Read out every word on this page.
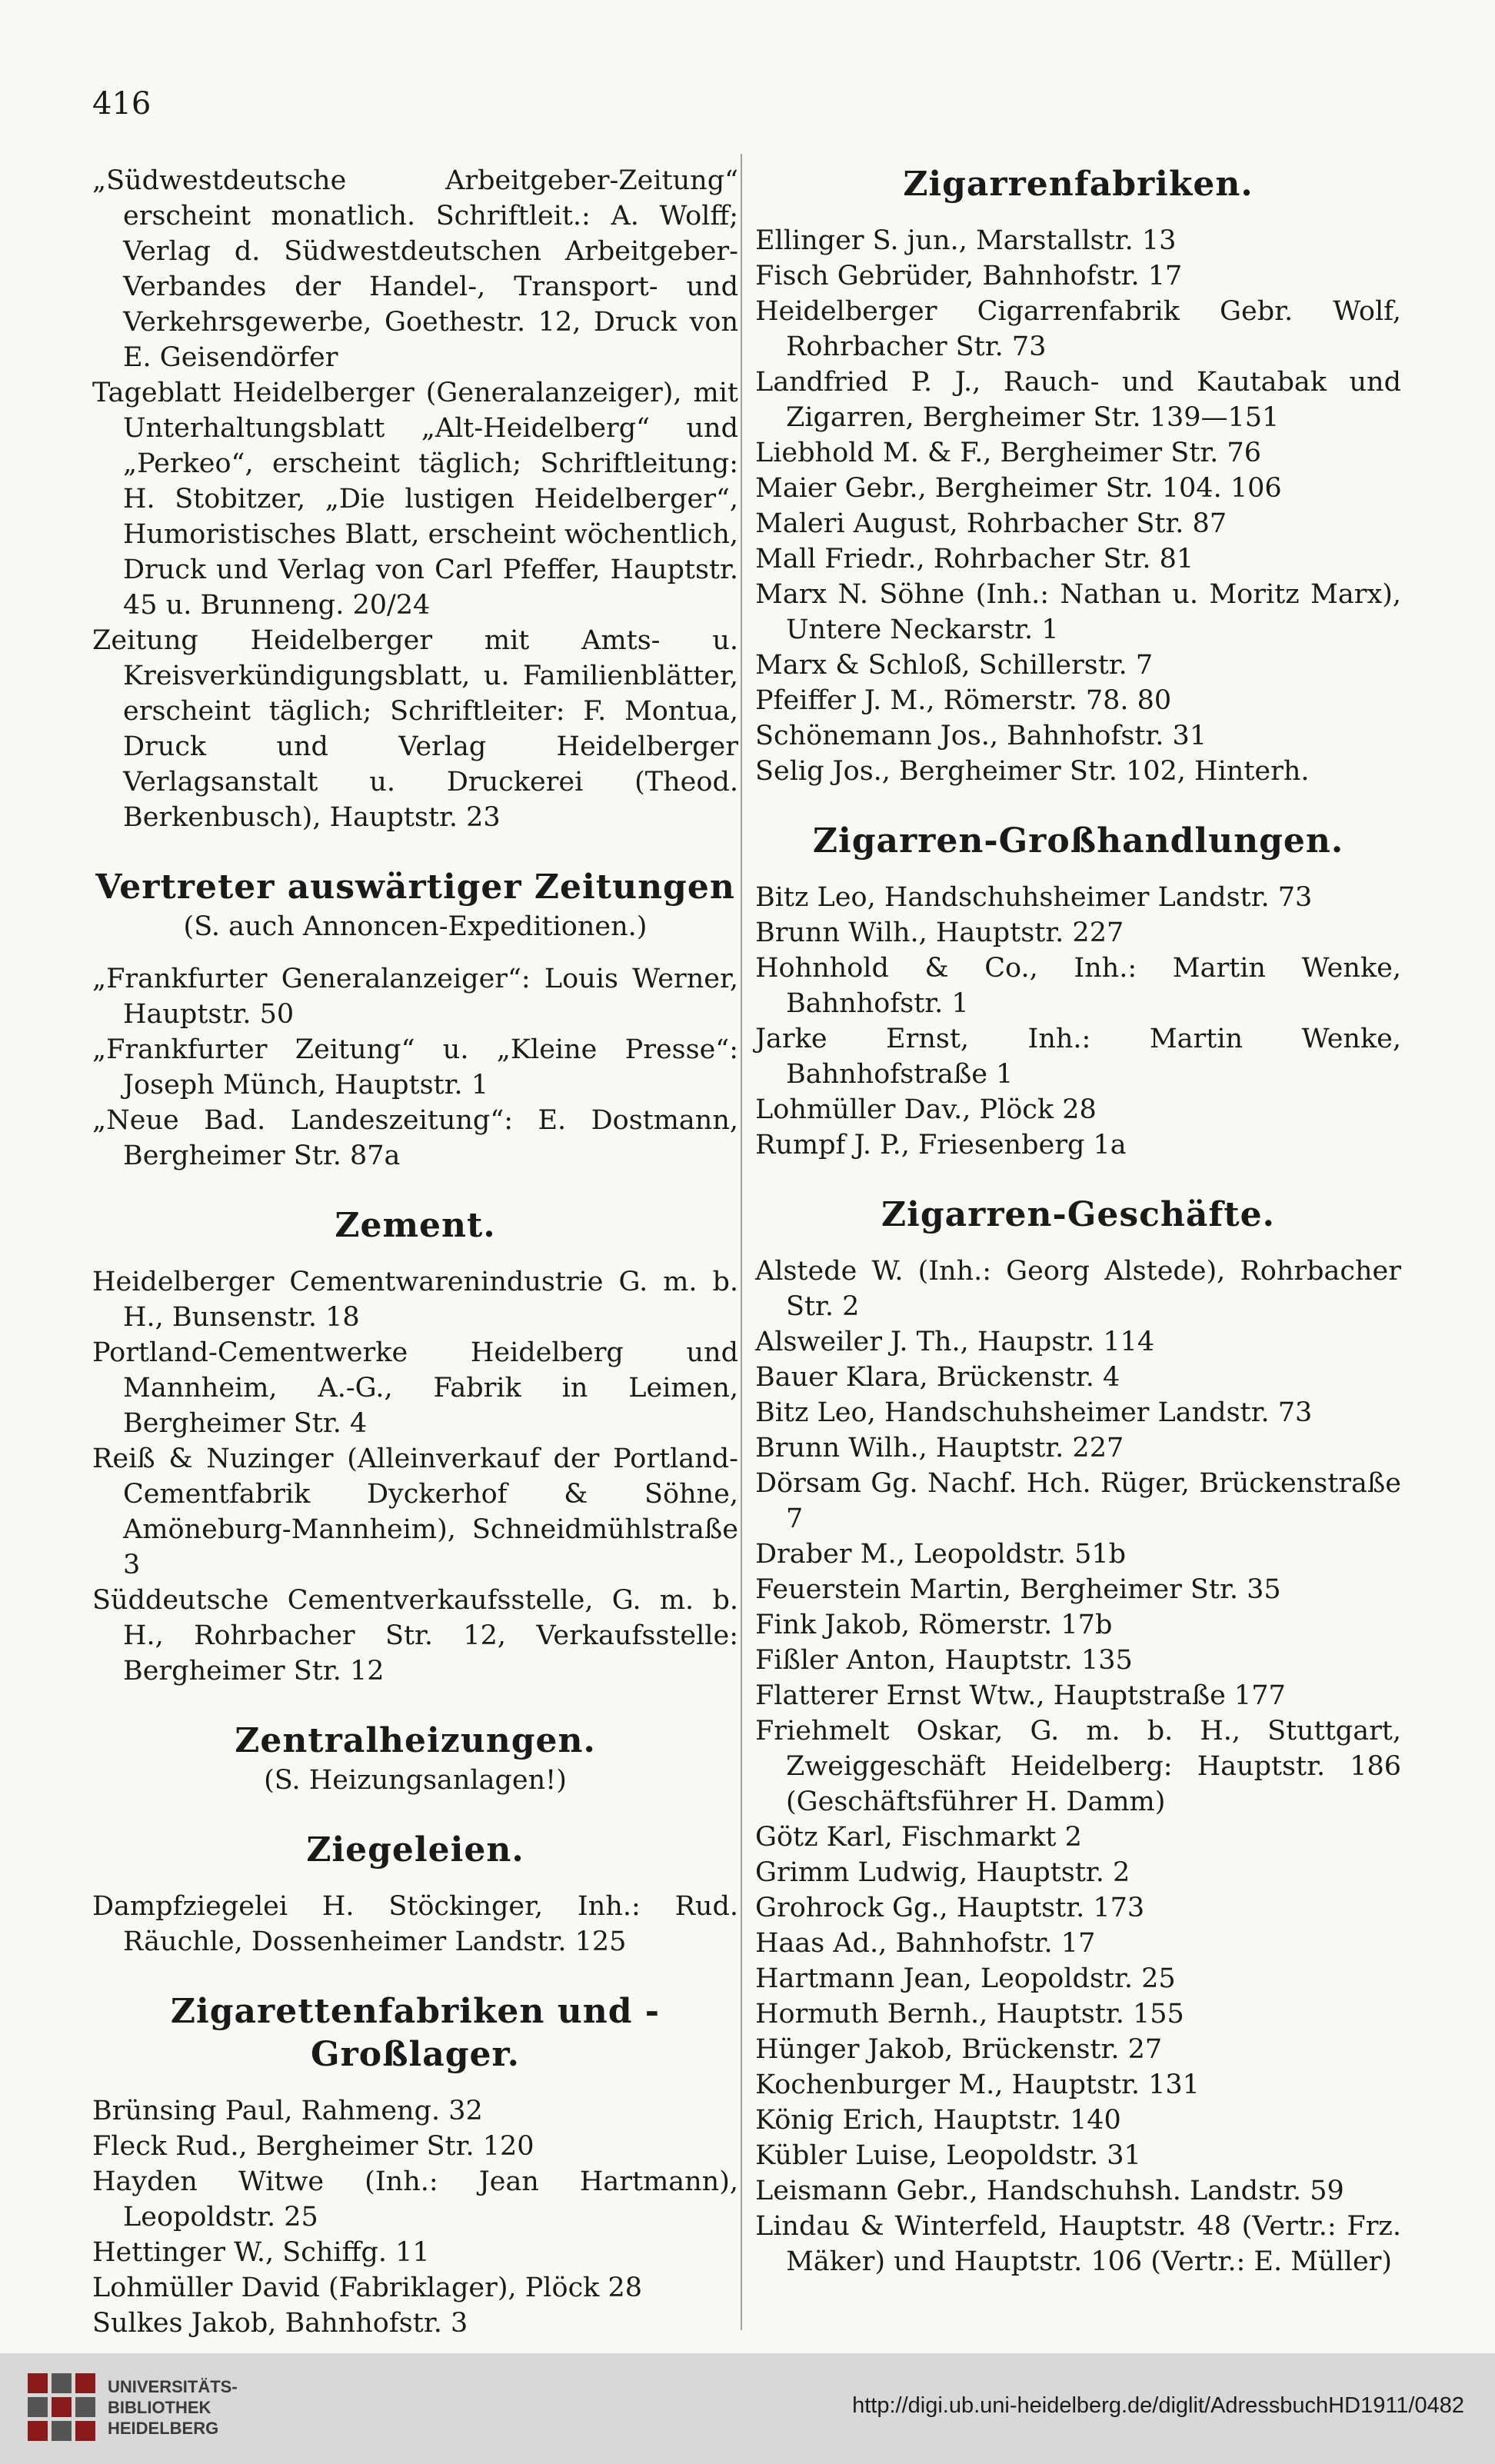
416

„Südwestdeutsche Arbeitgeber-Zeitung“ erscheint monatlich. Schriftleit.: A. Wolff; Verlag d. Südwestdeutschen Arbeitgeber-Verbandes der Handel-, Transport- und Verkehrsgewerbe, Goethestr. 12, Druck von E. Geisendörfer

Tageblatt Heidelberger (Generalanzeiger), mit Unterhaltungsblatt „Alt-Heidelberg“ und „Perkeo“, erscheint täglich; Schriftleitung: H. Stobitzer, „Die lustigen Heidelberger“, Humoristisches Blatt, erscheint wöchentlich, Druck und Verlag von Carl Pfeffer, Hauptstr. 45 u. Brunneng. 20/24

Zeitung Heidelberger mit Amts- u. Kreisverkündigungsblatt, u. Familienblätter, erscheint täglich; Schriftleiter: F. Montua, Druck und Verlag Heidelberger Verlagsanstalt u. Druckerei (Theod. Berkenbusch), Hauptstr. 23

Vertreter auswärtiger Zeitungen

(S. auch Annoncen-Expeditionen.)

„Frankfurter Generalanzeiger“: Louis Werner, Hauptstr. 50

„Frankfurter Zeitung“ u. „Kleine Presse“: Joseph Münch, Hauptstr. 1

„Neue Bad. Landeszeitung“: E. Dostmann, Bergheimer Str. 87a

Zement.

Heidelberger Cementwarenindustrie G. m. b. H., Bunsenstr. 18

Portland-Cementwerke Heidelberg und Mannheim, A.-G., Fabrik in Leimen, Bergheimer Str. 4

Reiß & Nuzinger (Alleinverkauf der Portland-Cementfabrik Dyckerhof & Söhne, Amöneburg-Mannheim), Schneidmühlstraße 3

Süddeutsche Cementverkaufsstelle, G. m. b. H., Rohrbacher Str. 12, Verkaufsstelle: Bergheimer Str. 12

Zentralheizungen.

(S. Heizungsanlagen!)

Ziegeleien.

Dampfziegelei H. Stöckinger, Inh.: Rud. Räuchle, Dossenheimer Landstr. 125

Zigarettenfabriken und -Großlager.

Brünsing Paul, Rahmeng. 32

Fleck Rud., Bergheimer Str. 120

Hayden Witwe (Inh.: Jean Hartmann), Leopoldstr. 25

Hettinger W., Schiffg. 11

Lohmüller David (Fabriklager), Plöck 28

Sulkes Jakob, Bahnhofstr. 3

Zigarrenfabriken.

Ellinger S. jun., Marstallstr. 13

Fisch Gebrüder, Bahnhofstr. 17

Heidelberger Cigarrenfabrik Gebr. Wolf, Rohrbacher Str. 73

Landfried P. J., Rauch- und Kautabak und Zigarren, Bergheimer Str. 139—151

Liebhold M. & F., Bergheimer Str. 76

Maier Gebr., Bergheimer Str. 104. 106

Maleri August, Rohrbacher Str. 87

Mall Friedr., Rohrbacher Str. 81

Marx N. Söhne (Inh.: Nathan u. Moritz Marx), Untere Neckarstr. 1

Marx & Schloß, Schillerstr. 7

Pfeiffer J. M., Römerstr. 78. 80

Schönemann Jos., Bahnhofstr. 31

Selig Jos., Bergheimer Str. 102, Hinterh.

Zigarren-Großhandlungen.

Bitz Leo, Handschuhsheimer Landstr. 73

Brunn Wilh., Hauptstr. 227

Hohnhold & Co., Inh.: Martin Wenke, Bahnhofstr. 1

Jarke Ernst, Inh.: Martin Wenke, Bahnhofstraße 1

Lohmüller Dav., Plöck 28

Rumpf J. P., Friesenberg 1a

Zigarren-Geschäfte.

Alstede W. (Inh.: Georg Alstede), Rohrbacher Str. 2

Alsweiler J. Th., Haupstr. 114

Bauer Klara, Brückenstr. 4

Bitz Leo, Handschuhsheimer Landstr. 73

Brunn Wilh., Hauptstr. 227

Dörsam Gg. Nachf. Hch. Rüger, Brückenstraße 7

Draber M., Leopoldstr. 51b

Feuerstein Martin, Bergheimer Str. 35

Fink Jakob, Römerstr. 17b

Fißler Anton, Hauptstr. 135

Flatterer Ernst Wtw., Hauptstraße 177

Friehmelt Oskar, G. m. b. H., Stuttgart, Zweiggeschäft Heidelberg: Hauptstr. 186 (Geschäftsführer H. Damm)

Götz Karl, Fischmarkt 2

Grimm Ludwig, Hauptstr. 2

Grohrock Gg., Hauptstr. 173

Haas Ad., Bahnhofstr. 17

Hartmann Jean, Leopoldstr. 25

Hormuth Bernh., Hauptstr. 155

Hünger Jakob, Brückenstr. 27

Kochenburger M., Hauptstr. 131

König Erich, Hauptstr. 140

Kübler Luise, Leopoldstr. 31

Leismann Gebr., Handschuhsh. Landstr. 59

Lindau & Winterfeld, Hauptstr. 48 (Vertr.: Frz. Mäker) und Hauptstr. 106 (Vertr.: E. Müller)

UNIVERSITÄTS-
BIBLIOTHEK
HEIDELBERG
http://digi.ub.uni-heidelberg.de/diglit/AdressbuchHD1911/0482
